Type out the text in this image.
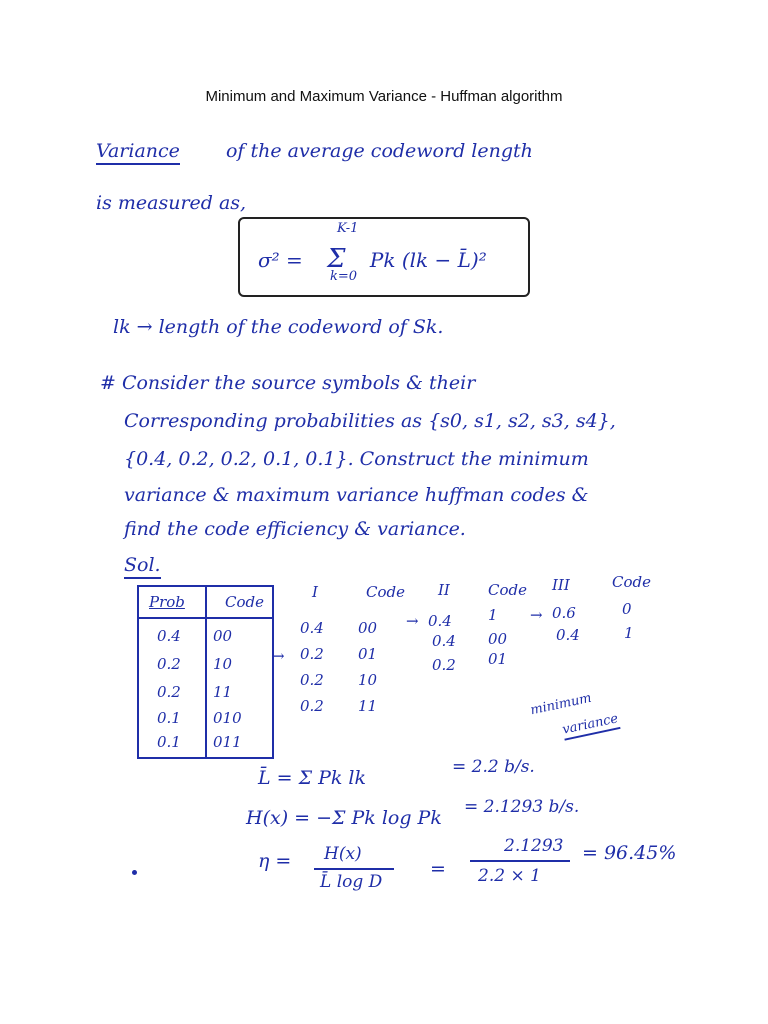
Minimum and Maximum Variance - Huffman algorithm
Variance of the average codeword length
is measured as,
σ² = Σ Pk (lk − L̄)²
K-1
k=0
lk → length of the codeword of Sk.
# Consider the source symbols & their
Corresponding probabilities as {s0, s1, s2, s3, s4},
{0.4, 0.2, 0.2, 0.1, 0.1}. Construct the minimum
variance & maximum variance huffman codes &
find the code efficiency & variance.
Sol.
Prob	Code
0.4 00
0.2 10
0.2 11
0.1 010
0.1 011
→
I	Code
0.4 00
0.2 01
0.2 10
0.2 11
→
II	Code
0.4 1
0.4 00
0.2 01
→
III	Code
0.6	0
0.4	1
minimum
variance
L̄ = Σ Pk lk	= 2.2 b/s.
H(x) = −Σ Pk log Pk = 2.1293 b/s.
η = H(x)
L̄ log D
=
2.1293
2.2 × 1
= 96.45%
